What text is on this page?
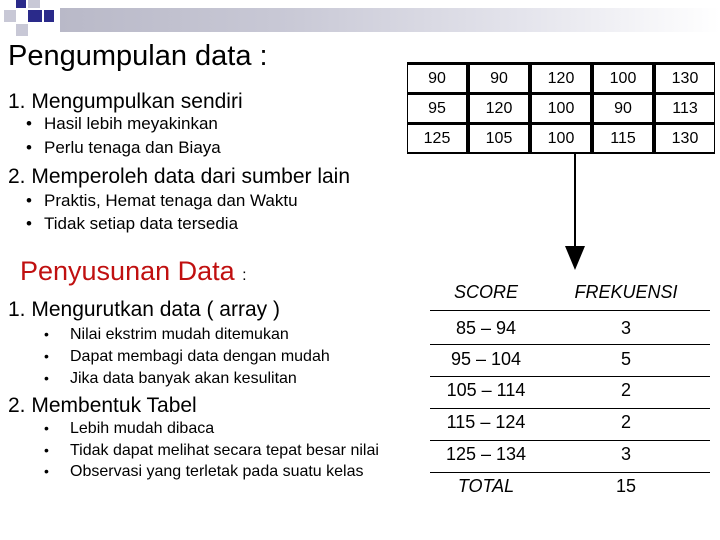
Pengumpulan data :
1. Mengumpulkan sendiri
• Hasil lebih meyakinkan
• Perlu tenaga dan Biaya
2. Memperoleh data dari sumber lain
• Praktis, Hemat tenaga dan Waktu
• Tidak setiap data tersedia
Penyusunan Data :
1. Mengurutkan data ( array )
• Nilai ekstrim mudah ditemukan
• Dapat membagi data dengan mudah
• Jika data banyak akan kesulitan
2. Membentuk Tabel
• Lebih mudah dibaca
• Tidak dapat melihat secara tepat besar nilai
• Observasi yang terletak pada suatu kelas
90	90	120	100	130
95	120	100	90	113
125	105	100	115	130
SCORE	FREKUENSI
85 – 94	3
95 – 104	5
105 – 114	2
115 – 124	2
125 – 134	3
TOTAL	15
